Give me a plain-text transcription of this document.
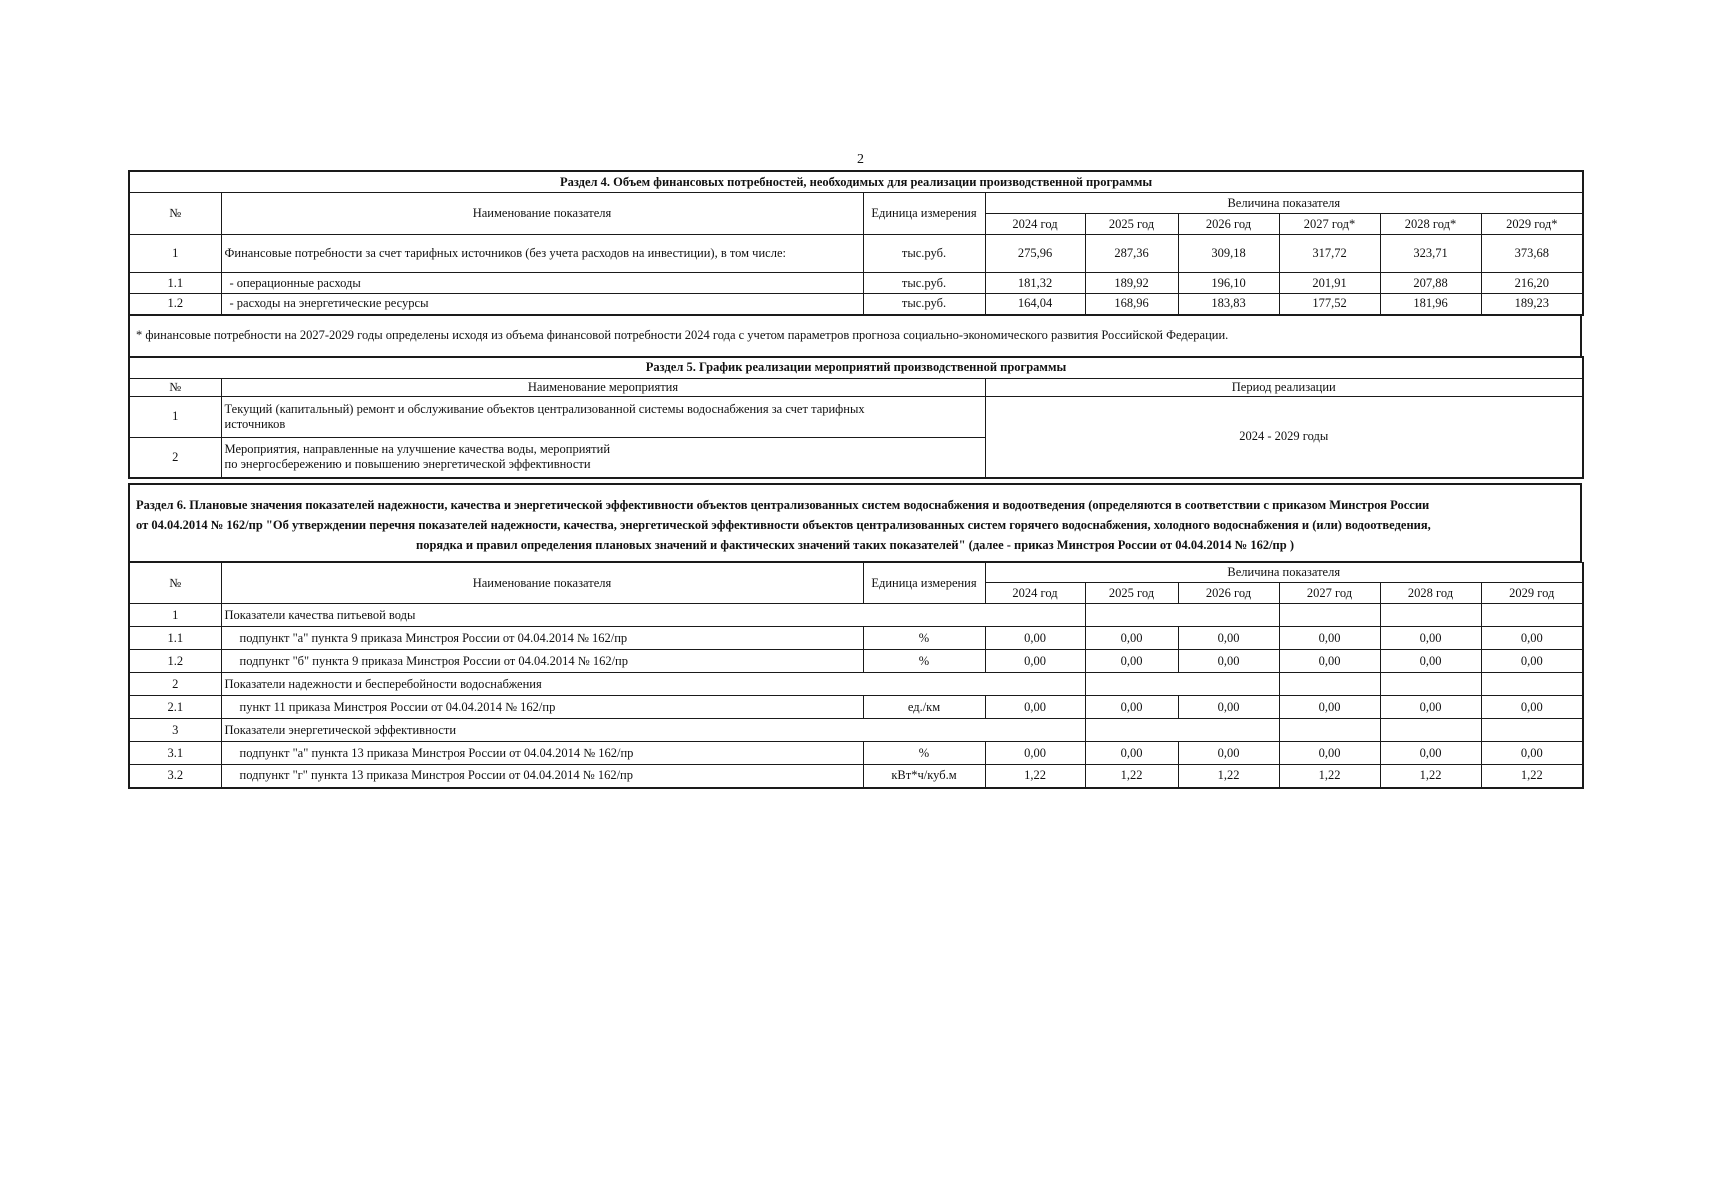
2
Раздел 4. Объем финансовых потребностей, необходимых для реализации производственной программы								
№	Наименование показателя	Единица измерения	Величина показателя					
			2024 год	2025 год	2026 год	2027 год*	2028 год*	2029 год*
1	Финансовые потребности за счет тарифных источников (без учета расходов на инвестиции), в том числе:	тыс.руб.	275,96	287,36	309,18	317,72	323,71	373,68
1.1	- операционные расходы	тыс.руб.	181,32	189,92	196,10	201,91	207,88	216,20
1.2	- расходы на энергетические ресурсы	тыс.руб.	164,04	168,96	183,83	177,52	181,96	189,23
* финансовые потребности на 2027-2029 годы определены исходя из объема финансовой потребности 2024 года с учетом параметров прогноза социально-экономического развития Российской Федерации.
Раздел 5. График реализации мероприятий производственной программы		
№	Наименование мероприятия	Период реализации
1	Текущий (капитальный) ремонт и обслуживание объектов централизованной системы водоснабжения за счет тарифных
источников	2024 - 2029 годы
2	Мероприятия, направленные на улучшение качества воды, мероприятий
по энергосбережению и повышению энергетической эффективности	
Раздел 6. Плановые значения показателей надежности, качества и энергетической эффективности объектов централизованных систем водоснабжения и водоотведения (определяются в соответствии с приказом Минстроя России
от 04.04.2014 № 162/пр "Об утверждении перечня показателей надежности, качества, энергетической эффективности объектов централизованных систем горячего водоснабжения, холодного водоснабжения и (или) водоотведения,
порядка и правил определения плановых значений и фактических значений таких показателей" (далее - приказ Минстроя России от 04.04.2014 № 162/пр )
№	Наименование показателя	Единица измерения	Величина показателя					
			2024 год	2025 год	2026 год	2027 год	2028 год	2029 год
1	Показатели качества питьевой воды							
1.1	подпункт "а" пункта 9 приказа Минстроя России от 04.04.2014 № 162/пр	%	0,00	0,00	0,00	0,00	0,00	0,00
1.2	подпункт "б" пункта 9 приказа Минстроя России от 04.04.2014 № 162/пр	%	0,00	0,00	0,00	0,00	0,00	0,00
2	Показатели надежности и бесперебойности водоснабжения							
2.1	пункт 11 приказа Минстроя России от 04.04.2014 № 162/пр	ед./км	0,00	0,00	0,00	0,00	0,00	0,00
3	Показатели энергетической эффективности							
3.1	подпункт "а" пункта 13 приказа Минстроя России от 04.04.2014 № 162/пр	%	0,00	0,00	0,00	0,00	0,00	0,00
3.2	подпункт "г" пункта 13 приказа Минстроя России от 04.04.2014 № 162/пр	кВт*ч/куб.м	1,22	1,22	1,22	1,22	1,22	1,22
